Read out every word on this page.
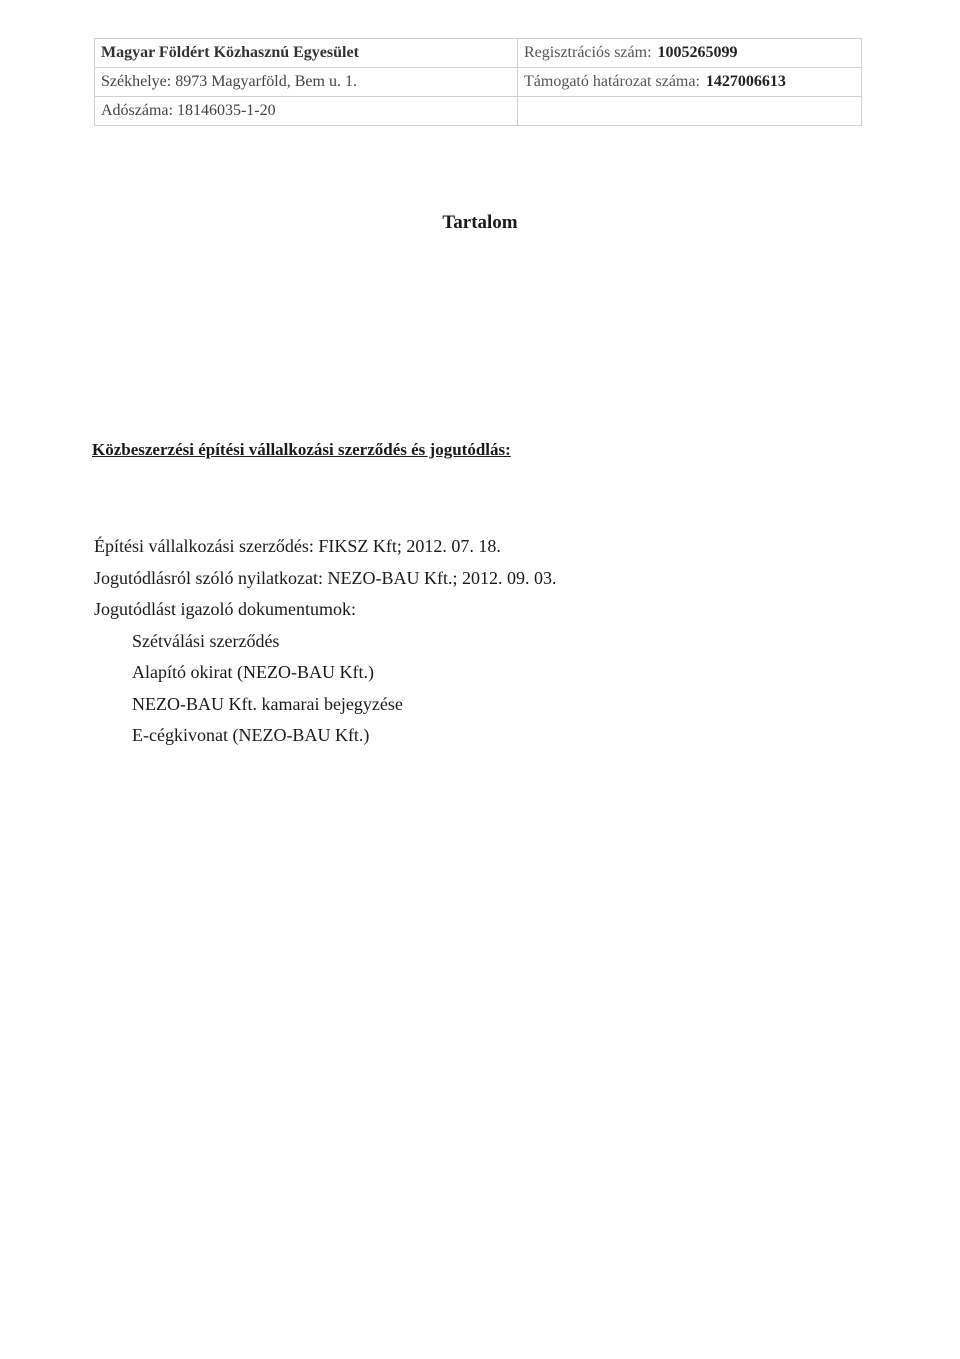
Magyar Földért Közhasznú Egyesület	Regisztrációs szám: 1005265099
Székhelye: 8973 Magyarföld, Bem u. 1.	Támogató határozat száma: 1427006613
Adószáma: 18146035-1-20	
Tartalom
Közbeszerzési építési vállalkozási szerződés és jogutódlás:
Építési vállalkozási szerződés: FIKSZ Kft; 2012. 07. 18.
Jogutódlásról szóló nyilatkozat: NEZO-BAU Kft.; 2012. 09. 03.
Jogutódlást igazoló dokumentumok:
Szétválási szerződés
Alapító okirat (NEZO-BAU Kft.)
NEZO-BAU Kft. kamarai bejegyzése
E-cégkivonat (NEZO-BAU Kft.)
